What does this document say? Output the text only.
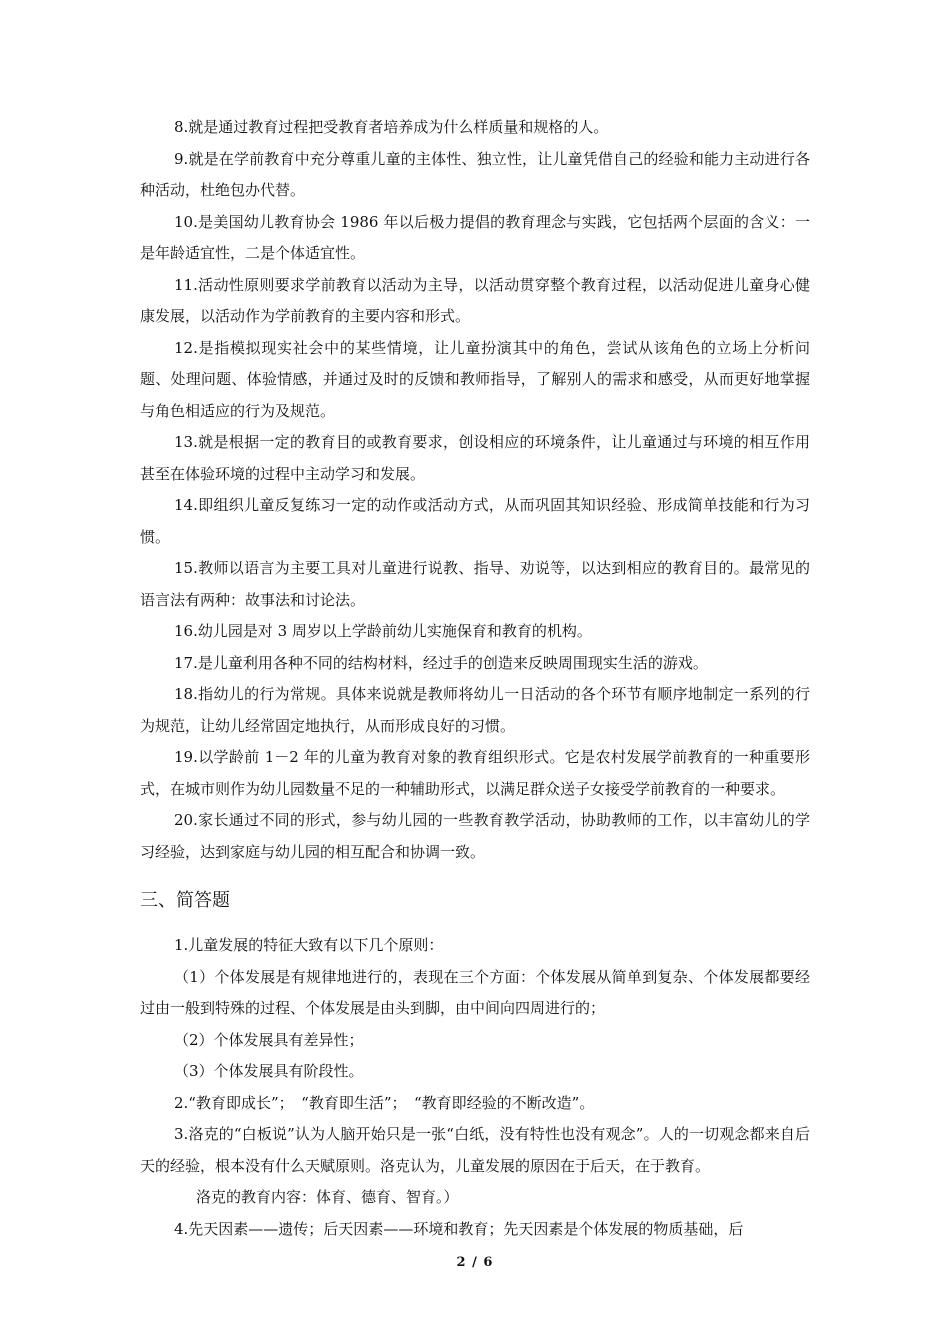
8.就是通过教育过程把受教育者培养成为什么样质量和规格的人。

9.就是在学前教育中充分尊重儿童的主体性、独立性，让儿童凭借自己的经验和能力主动进行各种活动，杜绝包办代替。

10.是美国幼儿教育协会 1986 年以后极力提倡的教育理念与实践，它包括两个层面的含义：一是年龄适宜性，二是个体适宜性。

11.活动性原则要求学前教育以活动为主导，以活动贯穿整个教育过程，以活动促进儿童身心健康发展，以活动作为学前教育的主要内容和形式。

12.是指模拟现实社会中的某些情境，让儿童扮演其中的角色，尝试从该角色的立场上分析问题、处理问题、体验情感，并通过及时的反馈和教师指导，了解别人的需求和感受，从而更好地掌握与角色相适应的行为及规范。

13.就是根据一定的教育目的或教育要求，创设相应的环境条件，让儿童通过与环境的相互作用甚至在体验环境的过程中主动学习和发展。

14.即组织儿童反复练习一定的动作或活动方式，从而巩固其知识经验、形成简单技能和行为习惯。

15.教师以语言为主要工具对儿童进行说教、指导、劝说等，以达到相应的教育目的。最常见的语言法有两种：故事法和讨论法。

16.幼儿园是对 3 周岁以上学龄前幼儿实施保育和教育的机构。

17.是儿童利用各种不同的结构材料，经过手的创造来反映周围现实生活的游戏。

18.指幼儿的行为常规。具体来说就是教师将幼儿一日活动的各个环节有顺序地制定一系列的行为规范，让幼儿经常固定地执行，从而形成良好的习惯。

19.以学龄前 1－2 年的儿童为教育对象的教育组织形式。它是农村发展学前教育的一种重要形式，在城市则作为幼儿园数量不足的一种辅助形式，以满足群众送子女接受学前教育的一种要求。

20.家长通过不同的形式，参与幼儿园的一些教育教学活动，协助教师的工作，以丰富幼儿的学习经验，达到家庭与幼儿园的相互配合和协调一致。

三、简答题

1.儿童发展的特征大致有以下几个原则：

（1）个体发展是有规律地进行的，表现在三个方面：个体发展从简单到复杂、个体发展都要经过由一般到特殊的过程、个体发展是由头到脚，由中间向四周进行的；

（2）个体发展具有差异性；

（3）个体发展具有阶段性。

2.“教育即成长”；　“教育即生活”；　“教育即经验的不断改造”。

3.洛克的“白板说”认为人脑开始只是一张“白纸，没有特性也没有观念”。人的一切观念都来自后天的经验，根本没有什么天赋原则。洛克认为，儿童发展的原因在于后天，在于教育。

洛克的教育内容：体育、德育、智育。）

4.先天因素——遗传；后天因素——环境和教育；先天因素是个体发展的物质基础，后

2 / 6
